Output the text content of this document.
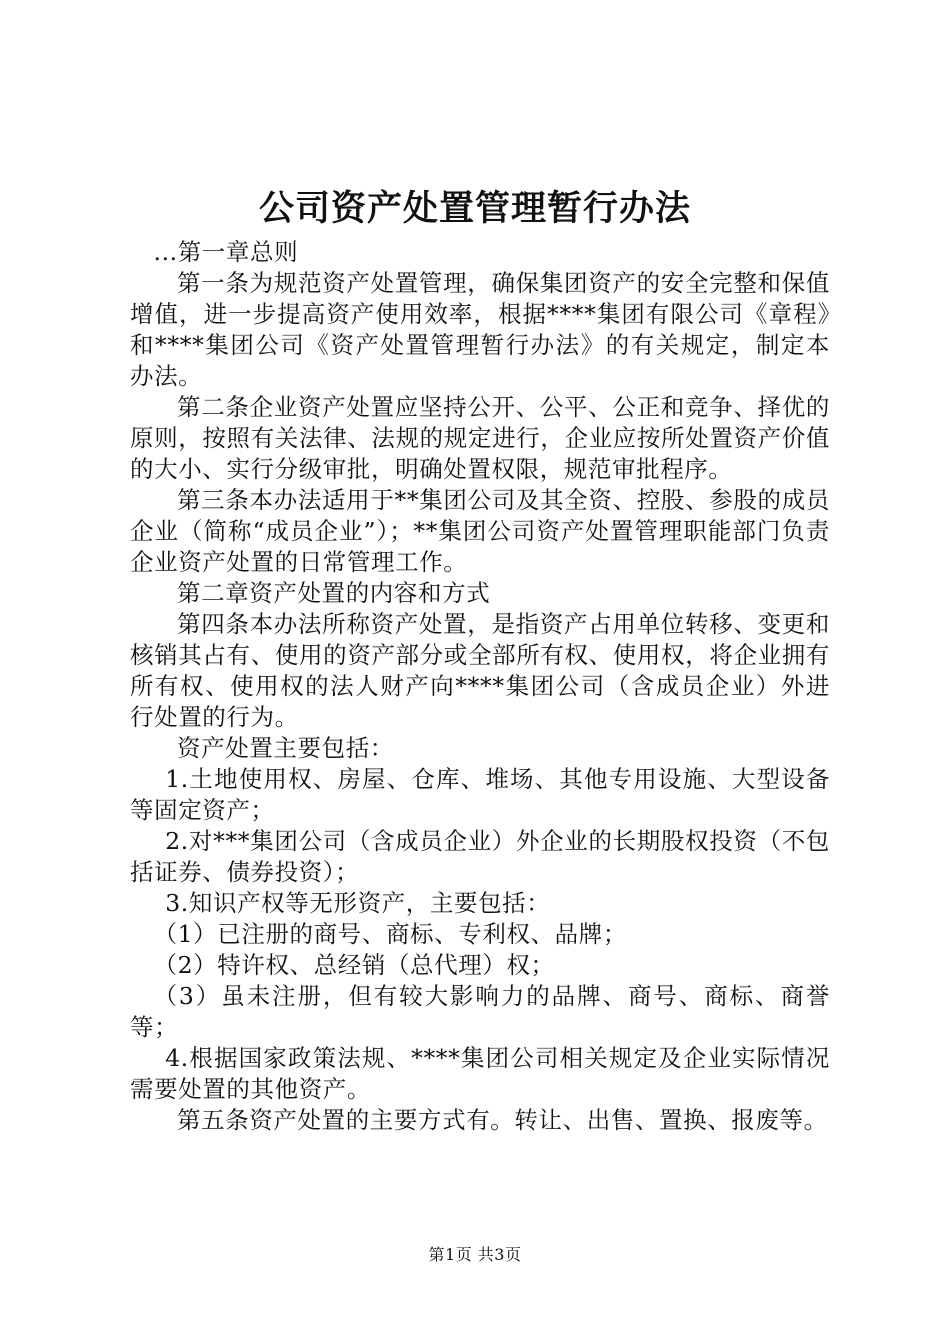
公司资产处置管理暂行办法

...第一章总则

第一条为规范资产处置管理，确保集团资产的安全完整和保值增值，进一步提高资产使用效率，根据****集团有限公司《章程》和****集团公司《资产处置管理暂行办法》的有关规定，制定本办法。

第二条企业资产处置应坚持公开、公平、公正和竞争、择优的原则，按照有关法律、法规的规定进行，企业应按所处置资产价值的大小、实行分级审批，明确处置权限，规范审批程序。

第三条本办法适用于**集团公司及其全资、控股、参股的成员企业（简称“成员企业”）；**集团公司资产处置管理职能部门负责企业资产处置的日常管理工作。

第二章资产处置的内容和方式

第四条本办法所称资产处置，是指资产占用单位转移、变更和核销其占有、使用的资产部分或全部所有权、使用权，将企业拥有所有权、使用权的法人财产向****集团公司（含成员企业）外进行处置的行为。

资产处置主要包括：

1.土地使用权、房屋、仓库、堆场、其他专用设施、大型设备等固定资产；

2.对***集团公司（含成员企业）外企业的长期股权投资（不包括证券、债券投资）；

3.知识产权等无形资产，主要包括：

（1）已注册的商号、商标、专利权、品牌；

（2）特许权、总经销（总代理）权；

（3）虽未注册，但有较大影响力的品牌、商号、商标、商誉等；

4.根据国家政策法规、****集团公司相关规定及企业实际情况需要处置的其他资产。

第五条资产处置的主要方式有。转让、出售、置换、报废等。

第1页 共3页
